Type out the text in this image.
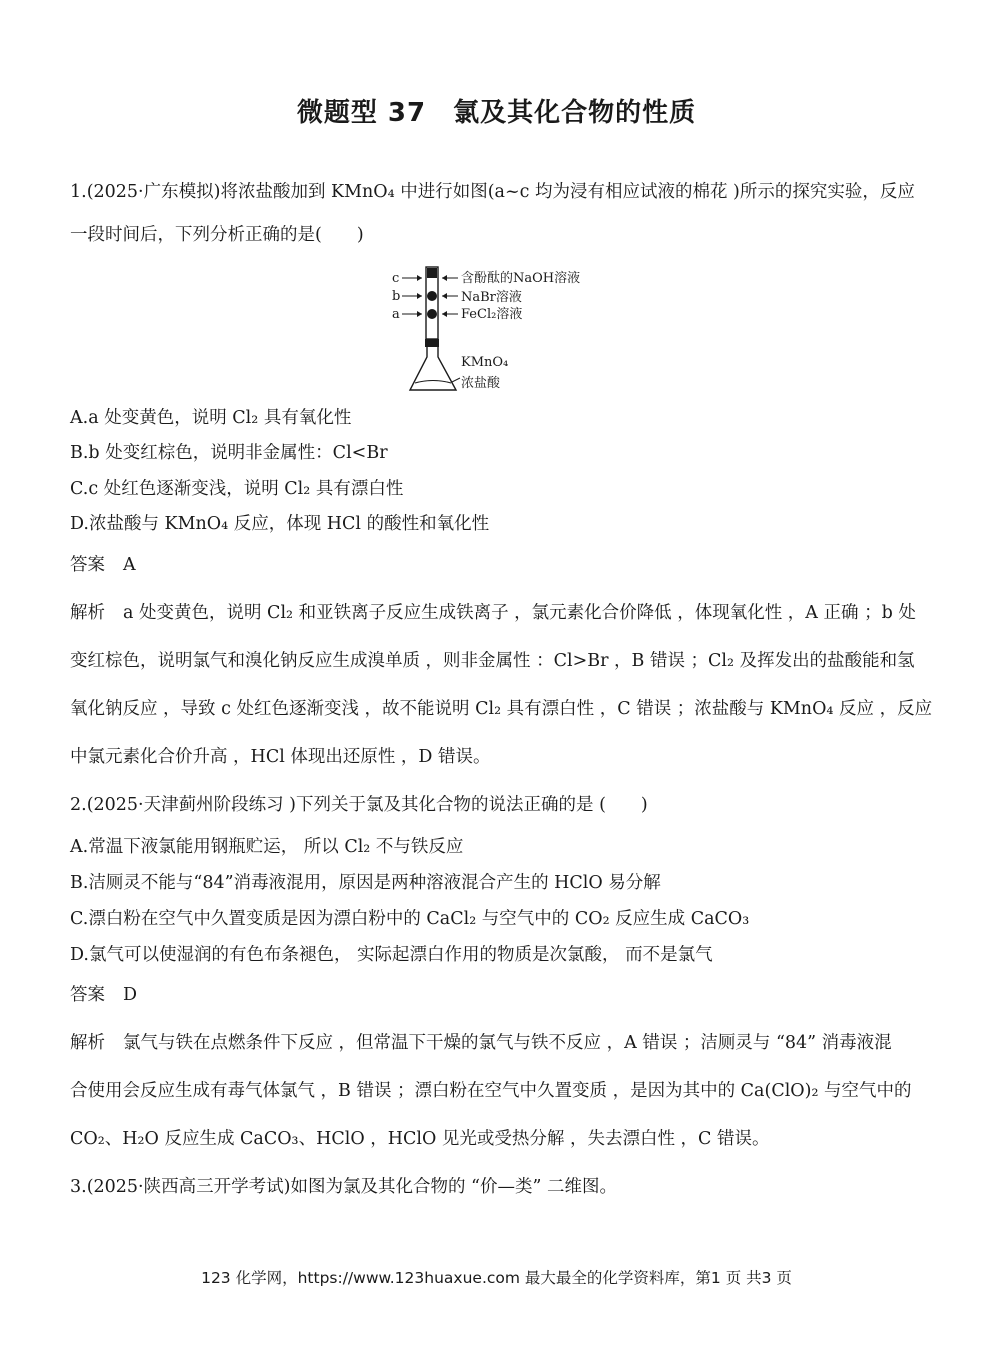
微题型 37　氯及其化合物的性质
1.(2025·广东模拟)将浓盐酸加到 KMnO₄ 中进行如图(a~c 均为浸有相应试液的棉花 )所示的探究实验，反应
一段时间后，下列分析正确的是(　　)
c
b
a
含酚酞的NaOH溶液
NaBr溶液
FeCl₂溶液
KMnO₄
浓盐酸
A.a 处变黄色，说明 Cl₂ 具有氧化性
B.b 处变红棕色，说明非金属性：Cl<Br
C.c 处红色逐渐变浅，说明 Cl₂ 具有漂白性
D.浓盐酸与 KMnO₄ 反应，体现 HCl 的酸性和氧化性
答案 A
解析 a 处变黄色，说明 Cl₂ 和亚铁离子反应生成铁离子 ，氯元素化合价降低 ，体现氧化性 ，A 正确 ；b 处
变红棕色，说明氯气和溴化钠反应生成溴单质 ，则非金属性 ：Cl>Br ，B 错误 ；Cl₂ 及挥发出的盐酸能和氢
氧化钠反应 ，导致 c 处红色逐渐变浅 ，故不能说明 Cl₂ 具有漂白性 ，C 错误 ；浓盐酸与 KMnO₄ 反应 ，反应
中氯元素化合价升高 ，HCl 体现出还原性 ，D 错误。
2.(2025·天津蓟州阶段练习 )下列关于氯及其化合物的说法正确的是 (　　)
A.常温下液氯能用钢瓶贮运， 所以 Cl₂ 不与铁反应
B.洁厕灵不能与“84”消毒液混用，原因是两种溶液混合产生的 HClO 易分解
C.漂白粉在空气中久置变质是因为漂白粉中的 CaCl₂ 与空气中的 CO₂ 反应生成 CaCO₃
D.氯气可以使湿润的有色布条褪色， 实际起漂白作用的物质是次氯酸， 而不是氯气
答案 D
解析 氯气与铁在点燃条件下反应 ，但常温下干燥的氯气与铁不反应 ，A 错误 ；洁厕灵与 “84” 消毒液混
合使用会反应生成有毒气体氯气 ，B 错误 ；漂白粉在空气中久置变质 ，是因为其中的 Ca(ClO)₂ 与空气中的
CO₂、H₂O 反应生成 CaCO₃、HClO ，HClO 见光或受热分解 ，失去漂白性 ，C 错误。
3.(2025·陕西高三开学考试)如图为氯及其化合物的 “价—类” 二维图。
123 化学网，https://www.123huaxue.com 最大最全的化学资料库，第1 页 共3 页
